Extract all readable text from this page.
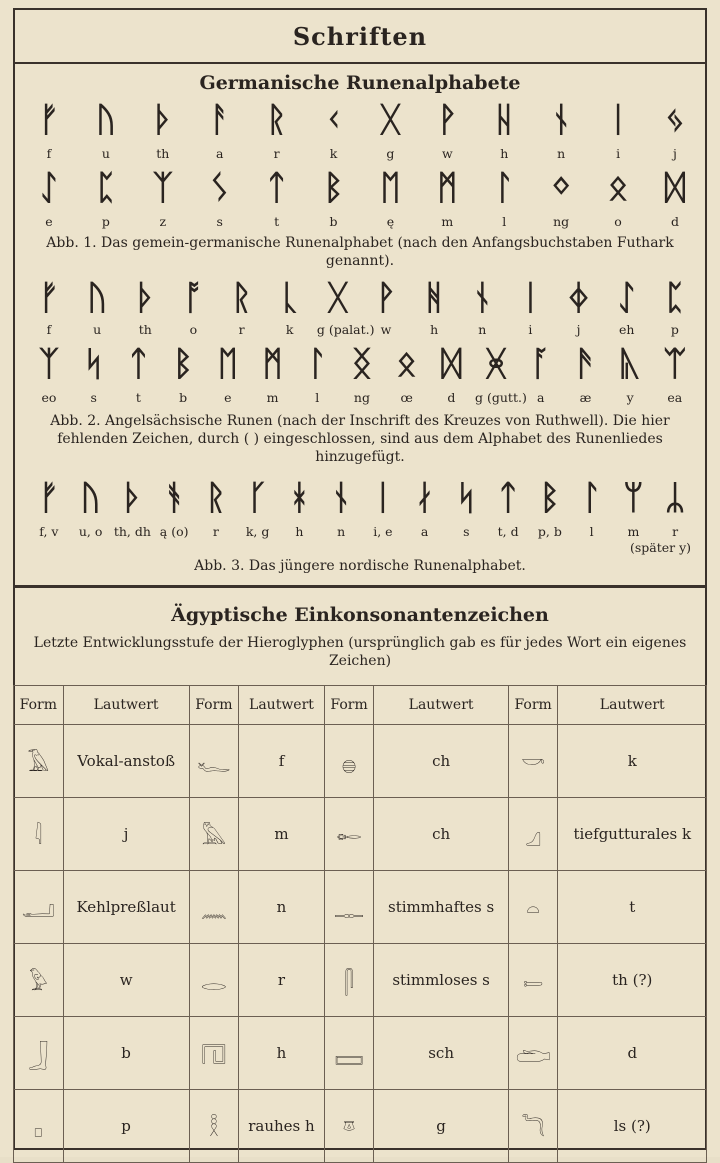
Schriften
Germanische Runenalphabete
ᚠ	ᚢ	ᚦ	ᚨ	ᚱ	ᚲ	ᚷ	ᚹ	ᚺ	ᚾ	ᛁ	ᛃ
f	u	th	a	r	k	g	w	h	n	i	j
ᛇ	ᛈ	ᛉ	ᛊ	ᛏ	ᛒ	ᛖ	ᛗ	ᛚ	ᛜ	ᛟ	ᛞ
e	p	z	s	t	b	ę	m	l	ng	o	d
Abb. 1. Das gemein-germanische Runenalphabet (nach den Anfangsbuchstaben Futhark genannt).
ᚠ ᚢ ᚦ ᚩ ᚱ ᚳ ᚷ ᚹ ᚻ ᚾ ᛁ ᛄ ᛇ ᛈ
f	u	th	o	r	k	g (palat.) w	h	n	i	j	eh	p
ᛉ ᛋ ᛏ ᛒ ᛖ ᛗ ᛚ ᛝ ᛟ ᛞ ᚸ ᚪ ᚫ ᚣ ᛠ
eo	s	t	b	e	m	l	ng	œ	d	g (gutt.) a	æ	y	ea
Abb. 2. Angelsächsische Runen (nach der Inschrift des Kreuzes von Ruthwell). Die hier fehlenden Zeichen, durch ( ) eingeschlossen, sind aus dem Alphabet des Runenliedes hinzugefügt.
ᚠ ᚢ ᚦ ᚬ ᚱ ᚴ ᚼ ᚾ ᛁ ᛅ ᛋ ᛏ ᛒ ᛚ ᛘ ᛦ
f, v	u, o th, dh ą (o)	r	k, g	h	n	i, e	a	s	t, d	p, b	l	m	r
(später y)
Abb. 3. Das jüngere nordische Runenalphabet.
Ägyptische Einkonsonantenzeichen
Letzte Entwicklungsstufe der Hieroglyphen (ursprünglich gab es für jedes Wort ein eigenes Zeichen)
Form	Lautwert	Form	Lautwert	Form	Lautwert	Form	Lautwert
𓄿	Vokal-anstoß	𓆑	f	𓐍	ch	𓎡	k
𓇋	j	𓅓	m	𓄡	ch	𓈎	tiefgutturales k
𓂝	Kehlpreßlaut	𓈖	n	𓊃	stimmhaftes s	𓏏	t
𓅱	w	𓂋	r	𓋴	stimmloses s	𓍿	th (?)
𓃀	b	𓉔	h	𓈙	sch	𓂧	d
𓊪	p	𓎛	rauhes h	𓎼	g	𓆓	ls (?)
